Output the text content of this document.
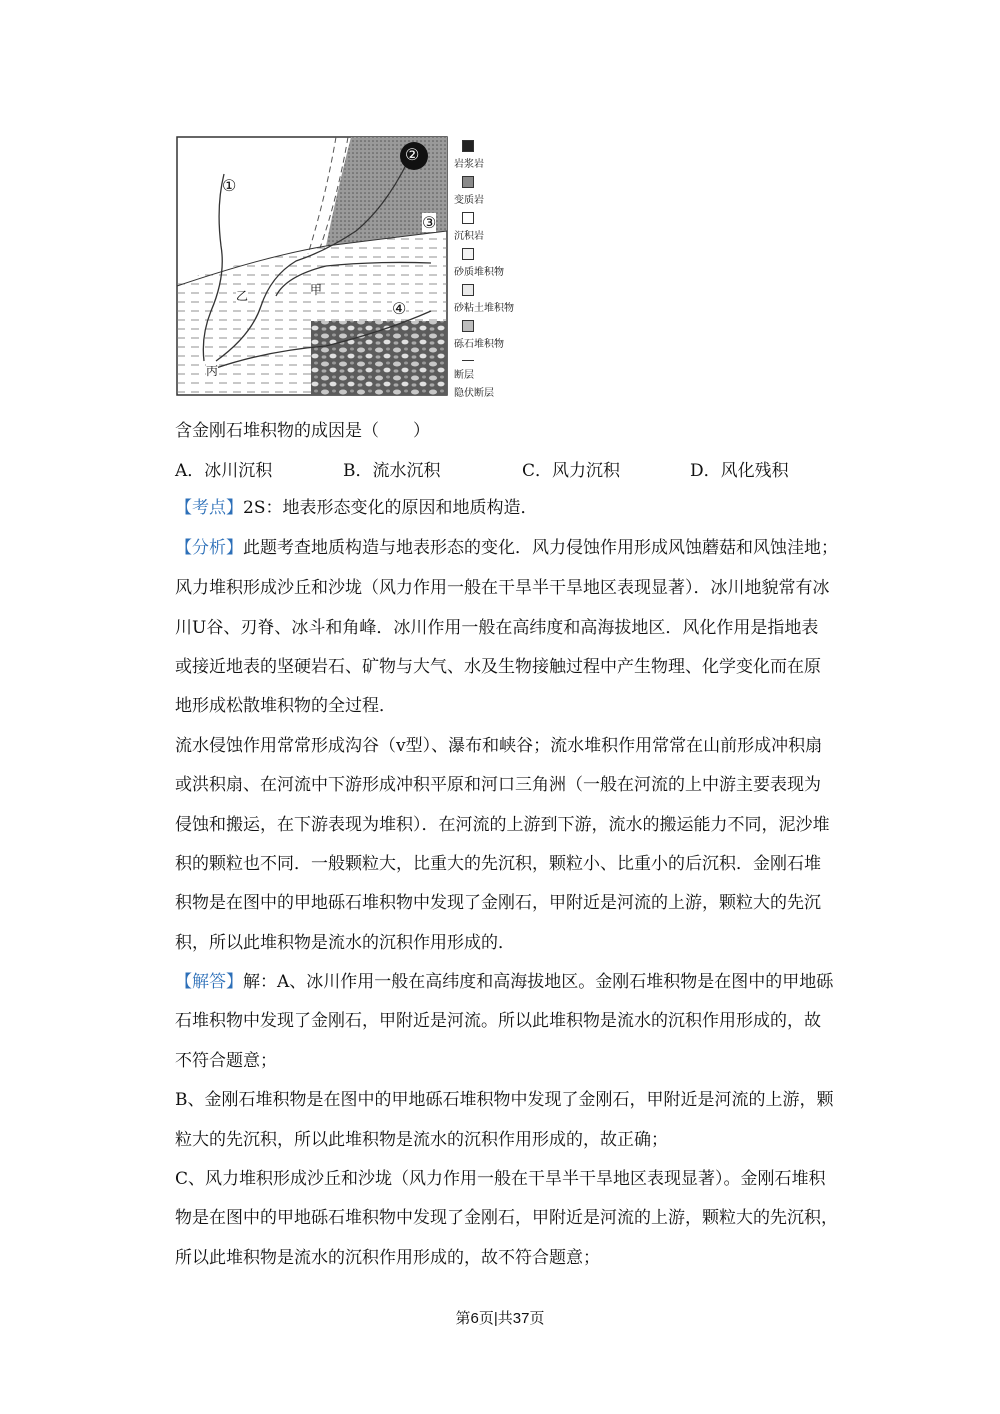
①
②
③
④
甲
乙
丙
岩浆岩
变质岩
沉积岩
砂质堆积物
砂粘土堆积物
砾石堆积物
断层
隐伏断层
含金刚石堆积物的成因是（　　）
A．冰川沉积	B．流水沉积	C．风力沉积	D．风化残积
【考点】2S：地表形态变化的原因和地质构造．
【分析】此题考查地质构造与地表形态的变化．风力侵蚀作用形成风蚀蘑菇和风蚀洼地；
风力堆积形成沙丘和沙垅（风力作用一般在干旱半干旱地区表现显著）．冰川地貌常有冰
川U谷、刃脊、冰斗和角峰．冰川作用一般在高纬度和高海拔地区．风化作用是指地表
或接近地表的坚硬岩石、矿物与大气、水及生物接触过程中产生物理、化学变化而在原
地形成松散堆积物的全过程．
流水侵蚀作用常常形成沟谷（v型）、瀑布和峡谷；流水堆积作用常常在山前形成冲积扇
或洪积扇、在河流中下游形成冲积平原和河口三角洲（一般在河流的上中游主要表现为
侵蚀和搬运，在下游表现为堆积）．在河流的上游到下游，流水的搬运能力不同，泥沙堆
积的颗粒也不同．一般颗粒大，比重大的先沉积，颗粒小、比重小的后沉积．金刚石堆
积物是在图中的甲地砾石堆积物中发现了金刚石，甲附近是河流的上游，颗粒大的先沉
积，所以此堆积物是流水的沉积作用形成的．
【解答】解：A、冰川作用一般在高纬度和高海拔地区。金刚石堆积物是在图中的甲地砾
石堆积物中发现了金刚石，甲附近是河流。所以此堆积物是流水的沉积作用形成的，故
不符合题意；
B、金刚石堆积物是在图中的甲地砾石堆积物中发现了金刚石，甲附近是河流的上游，颗
粒大的先沉积，所以此堆积物是流水的沉积作用形成的，故正确；
C、风力堆积形成沙丘和沙垅（风力作用一般在干旱半干旱地区表现显著）。金刚石堆积
物是在图中的甲地砾石堆积物中发现了金刚石，甲附近是河流的上游，颗粒大的先沉积，
所以此堆积物是流水的沉积作用形成的，故不符合题意；
第6页|共37页
